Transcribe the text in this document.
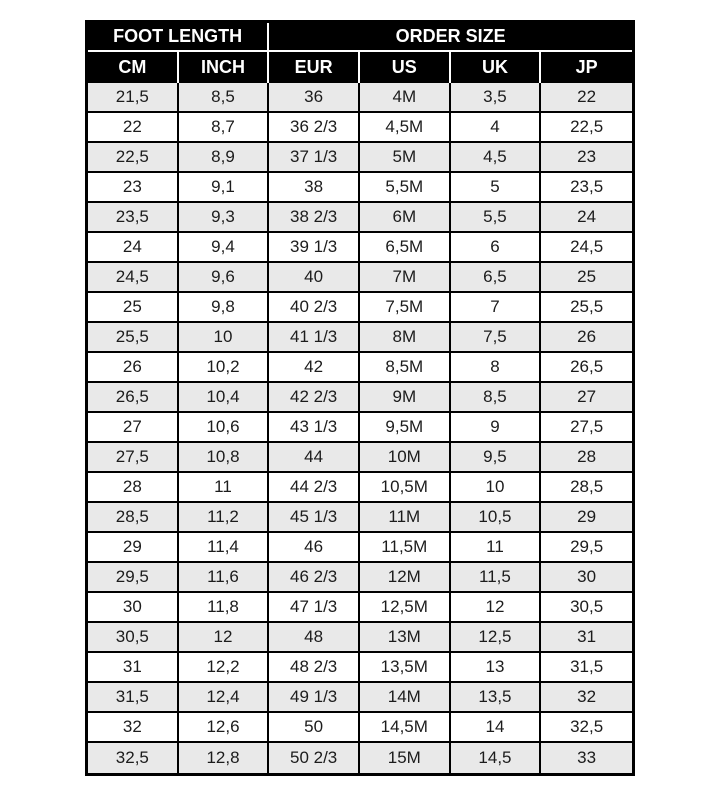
FOOT LENGTH		ORDER SIZE			
CM	INCH	EUR	US	UK	JP
21,5	8,5	36	4M	3,5	22
22	8,7	36 2/3	4,5M	4	22,5
22,5	8,9	37 1/3	5M	4,5	23
23	9,1	38	5,5M	5	23,5
23,5	9,3	38 2/3	6M	5,5	24
24	9,4	39 1/3	6,5M	6	24,5
24,5	9,6	40	7M	6,5	25
25	9,8	40 2/3	7,5M	7	25,5
25,5	10	41 1/3	8M	7,5	26
26	10,2	42	8,5M	8	26,5
26,5	10,4	42 2/3	9M	8,5	27
27	10,6	43 1/3	9,5M	9	27,5
27,5	10,8	44	10M	9,5	28
28	11	44 2/3	10,5M	10	28,5
28,5	11,2	45 1/3	11M	10,5	29
29	11,4	46	11,5M	11	29,5
29,5	11,6	46 2/3	12M	11,5	30
30	11,8	47 1/3	12,5M	12	30,5
30,5	12	48	13M	12,5	31
31	12,2	48 2/3	13,5M	13	31,5
31,5	12,4	49 1/3	14M	13,5	32
32	12,6	50	14,5M	14	32,5
32,5	12,8	50 2/3	15M	14,5	33
